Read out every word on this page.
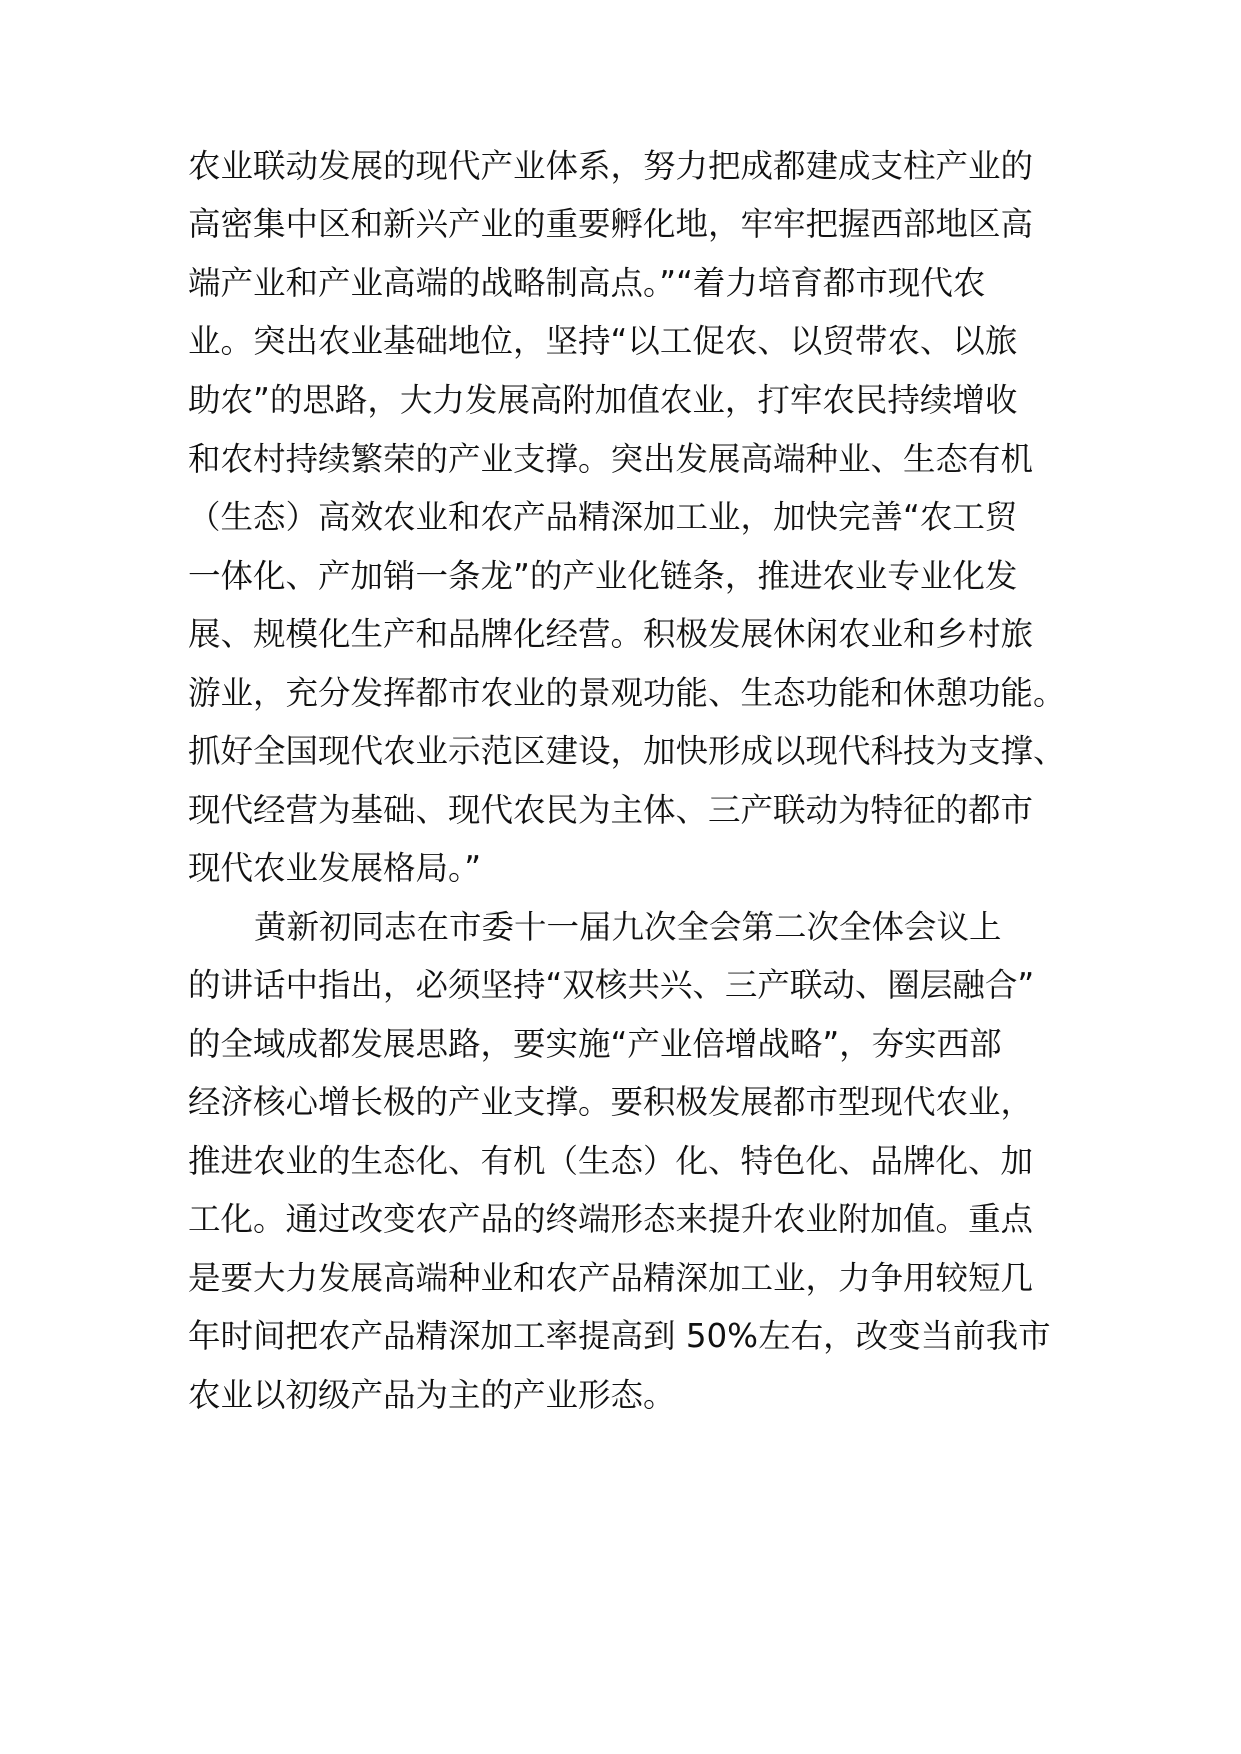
农业联动发展的现代产业体系，努力把成都建成支柱产业的
高密集中区和新兴产业的重要孵化地，牢牢把握西部地区高
端产业和产业高端的战略制高点。”“着力培育都市现代农
业。突出农业基础地位，坚持“以工促农、以贸带农、以旅
助农”的思路，大力发展高附加值农业，打牢农民持续增收
和农村持续繁荣的产业支撑。突出发展高端种业、生态有机
（生态）高效农业和农产品精深加工业，加快完善“农工贸
一体化、产加销一条龙”的产业化链条，推进农业专业化发
展、规模化生产和品牌化经营。积极发展休闲农业和乡村旅
游业，充分发挥都市农业的景观功能、生态功能和休憩功能。
抓好全国现代农业示范区建设，加快形成以现代科技为支撑、
现代经营为基础、现代农民为主体、三产联动为特征的都市
现代农业发展格局。”
黄新初同志在市委十一届九次全会第二次全体会议上
的讲话中指出，必须坚持“双核共兴、三产联动、圈层融合”
的全域成都发展思路，要实施“产业倍增战略”，夯实西部
经济核心增长极的产业支撑。要积极发展都市型现代农业，
推进农业的生态化、有机（生态）化、特色化、品牌化、加
工化。通过改变农产品的终端形态来提升农业附加值。重点
是要大力发展高端种业和农产品精深加工业，力争用较短几
年时间把农产品精深加工率提高到 50%左右，改变当前我市
农业以初级产品为主的产业形态。
